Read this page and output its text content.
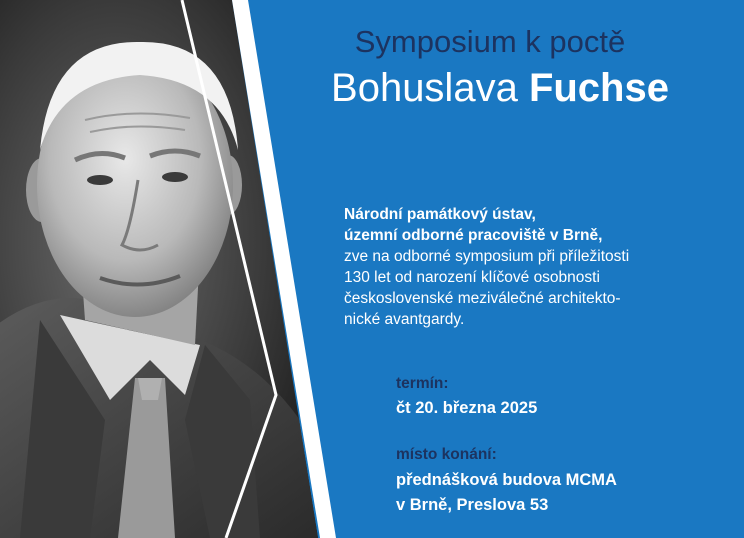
Symposium k poctě
Bohuslava Fuchse
Národní památkový ústav,
územní odborné pracoviště v Brně,
zve na odborné symposium při příležitosti
130 let od narození klíčové osobnosti
československé meziválečné architekto-
nické avantgardy.
termín:
čt 20. března 2025
místo konání:
přednášková budova MCMA
v Brně, Preslova 53
